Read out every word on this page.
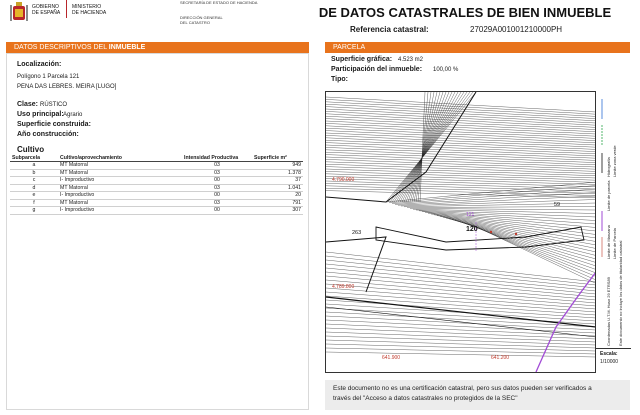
GOBIERNO
DE ESPAÑA
MINISTERIO
DE HACIENDA
SECRETARÍA DE ESTADO DE HACIENDA
DIRECCIÓN GENERAL
DEL CATASTRO
DE DATOS CATASTRALES DE BIEN INMUEBLE
Referencia catastral:	27029A001001210000PH
DATOS DESCRIPTIVOS DEL INMUEBLE
Localización:
Polígono 1 Parcela 121
PENA DAS LEBRES. MEIRA [LUGO]
Clase: RÚSTICO
Uso principal: Agrario
Superficie construida:
Año construcción:
Cultivo
Subparcela	Cultivo/aprovechamiento	Intensidad Productiva	Superficie m²
a	MT Matorral	03	949
b	MT Matorral	03	1.378
c	I- Improductivo	00	37
d	MT Matorral	03	1.041
e	I- Improductivo	00	20
f	MT Matorral	03	791
g	I- Improductivo	00	307
PARCELA
Superficie gráfica: 4.523 m2
Participación del inmueble: 100,00 %
Tipo:
121
120
263
59
4.790.000
4.789.800
641.900	641.200
Hidrografía Limite zona verde
Limite de parcela
Limite de Manzana Limite de Parcela
Coordenadas U.T.M. Huso 29 ETRS89 Este documento no incluye los datos de titularidad catastral
Escala:
1/10000
Este documento no es una certificación catastral, pero sus datos pueden ser verificados a
través del "Acceso a datos catastrales no protegidos de la SEC"
